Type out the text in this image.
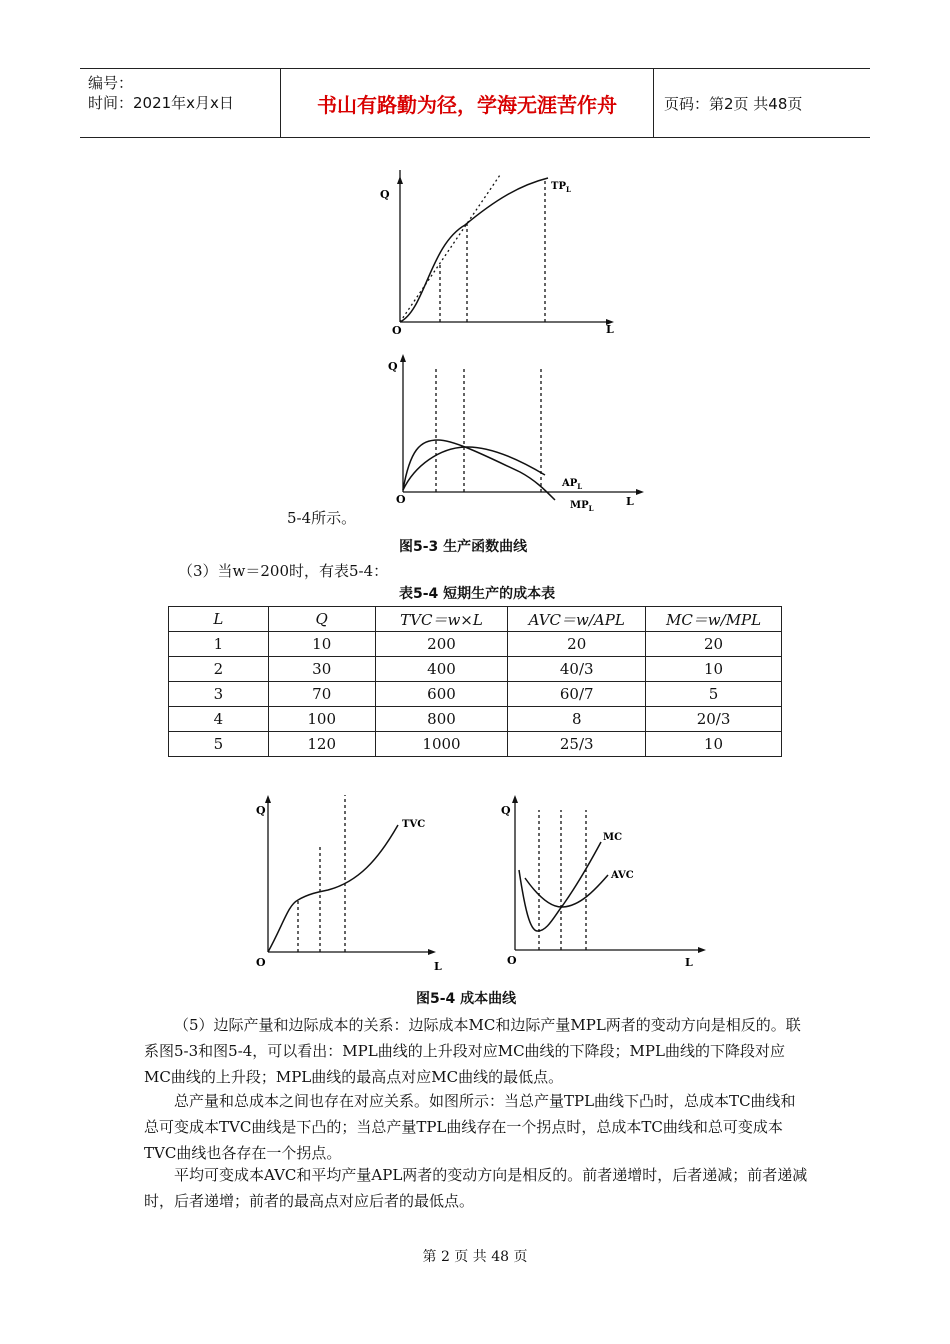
编号：
时间：2021年x月x日	书山有路勤为径，学海无涯苦作舟	页码：第2页 共48页
Q
L
O
$TP_L$
Q
L
O
$AP_L$
$MP_L$
5-4所示。
图5-3 生产函数曲线
（3）当w＝200时，有表5-4：
表5-4 短期生产的成本表
L	Q	TVC＝w×L	AVC＝w/APL	MC＝w/MPL
1	10	200	20	20
2	30	400	40/3	10
3	70	600	60/7	5
4	100	800	8	20/3
5	120	1000	25/3	10
Q
L
O
TVC
Q
L
O
MC
AVC
图5-4 成本曲线
（5）边际产量和边际成本的关系：边际成本MC和边际产量MPL两者的变动方向是相反的。联系图5-3和图5-4，可以看出：MPL曲线的上升段对应MC曲线的下降段；MPL曲线的下降段对应MC曲线的上升段；MPL曲线的最高点对应MC曲线的最低点。
总产量和总成本之间也存在对应关系。如图所示：当总产量TPL曲线下凸时，总成本TC曲线和总可变成本TVC曲线是下凸的；当总产量TPL曲线存在一个拐点时，总成本TC曲线和总可变成本TVC曲线也各存在一个拐点。
平均可变成本AVC和平均产量APL两者的变动方向是相反的。前者递增时，后者递减；前者递减时，后者递增；前者的最高点对应后者的最低点。
第 2 页 共 48 页
